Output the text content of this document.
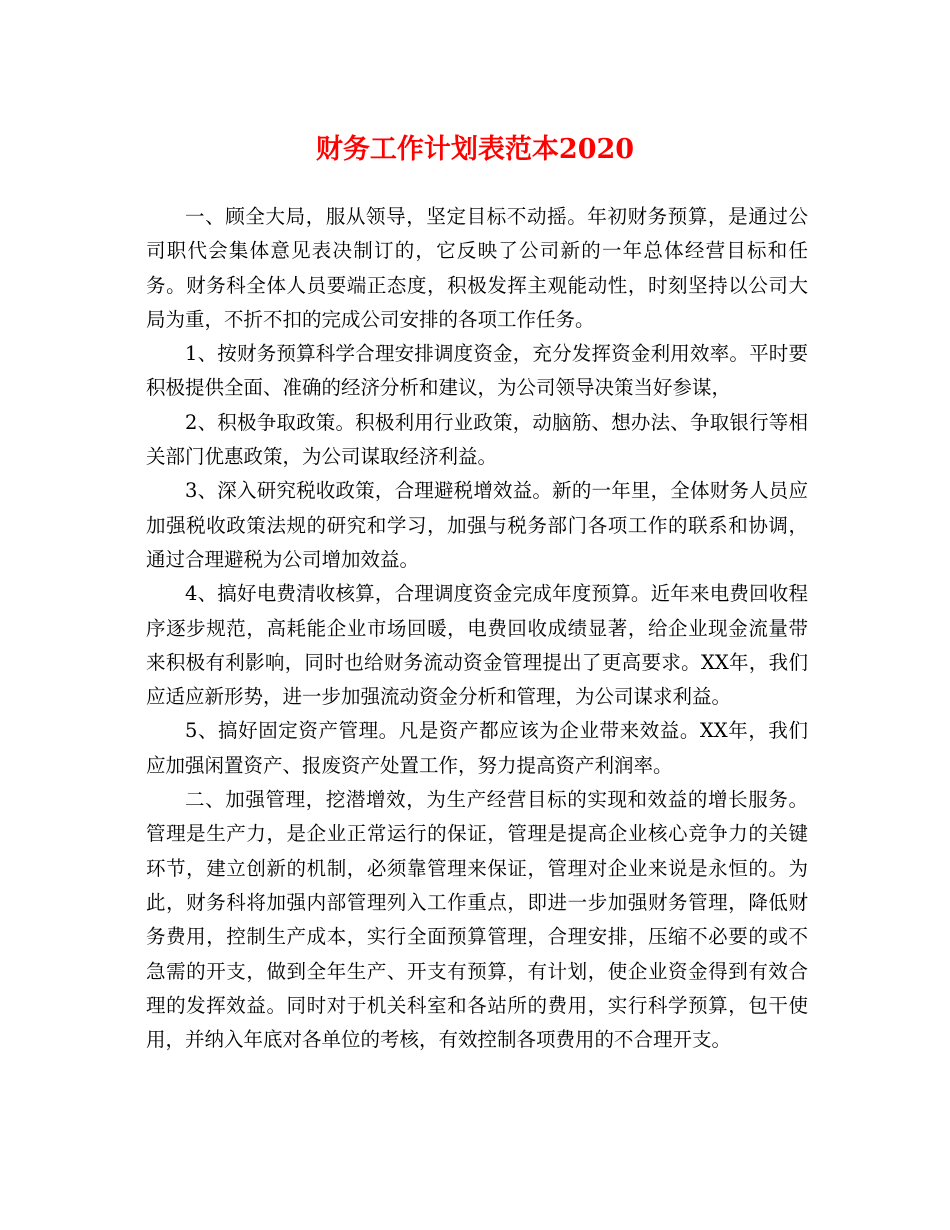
财务工作计划表范本2020

一、顾全大局，服从领导，坚定目标不动摇。年初财务预算，是通过公司职代会集体意见表决制订的，它反映了公司新的一年总体经营目标和任务。财务科全体人员要端正态度，积极发挥主观能动性，时刻坚持以公司大局为重，不折不扣的完成公司安排的各项工作任务。

1、按财务预算科学合理安排调度资金，充分发挥资金利用效率。平时要积极提供全面、准确的经济分析和建议，为公司领导决策当好参谋，

2、积极争取政策。积极利用行业政策，动脑筋、想办法、争取银行等相关部门优惠政策，为公司谋取经济利益。

3、深入研究税收政策，合理避税增效益。新的一年里，全体财务人员应加强税收政策法规的研究和学习，加强与税务部门各项工作的联系和协调，通过合理避税为公司增加效益。

4、搞好电费清收核算，合理调度资金完成年度预算。近年来电费回收程序逐步规范，高耗能企业市场回暖，电费回收成绩显著，给企业现金流量带来积极有利影响，同时也给财务流动资金管理提出了更高要求。XX年，我们应适应新形势，进一步加强流动资金分析和管理，为公司谋求利益。

5、搞好固定资产管理。凡是资产都应该为企业带来效益。XX年，我们应加强闲置资产、报废资产处置工作，努力提高资产利润率。

二、加强管理，挖潜增效，为生产经营目标的实现和效益的增长服务。管理是生产力，是企业正常运行的保证，管理是提高企业核心竞争力的关键环节，建立创新的机制，必须靠管理来保证，管理对企业来说是永恒的。为此，财务科将加强内部管理列入工作重点，即进一步加强财务管理，降低财务费用，控制生产成本，实行全面预算管理，合理安排，压缩不必要的或不急需的开支，做到全年生产、开支有预算，有计划，使企业资金得到有效合理的发挥效益。同时对于机关科室和各站所的费用，实行科学预算，包干使用，并纳入年底对各单位的考核，有效控制各项费用的不合理开支。
